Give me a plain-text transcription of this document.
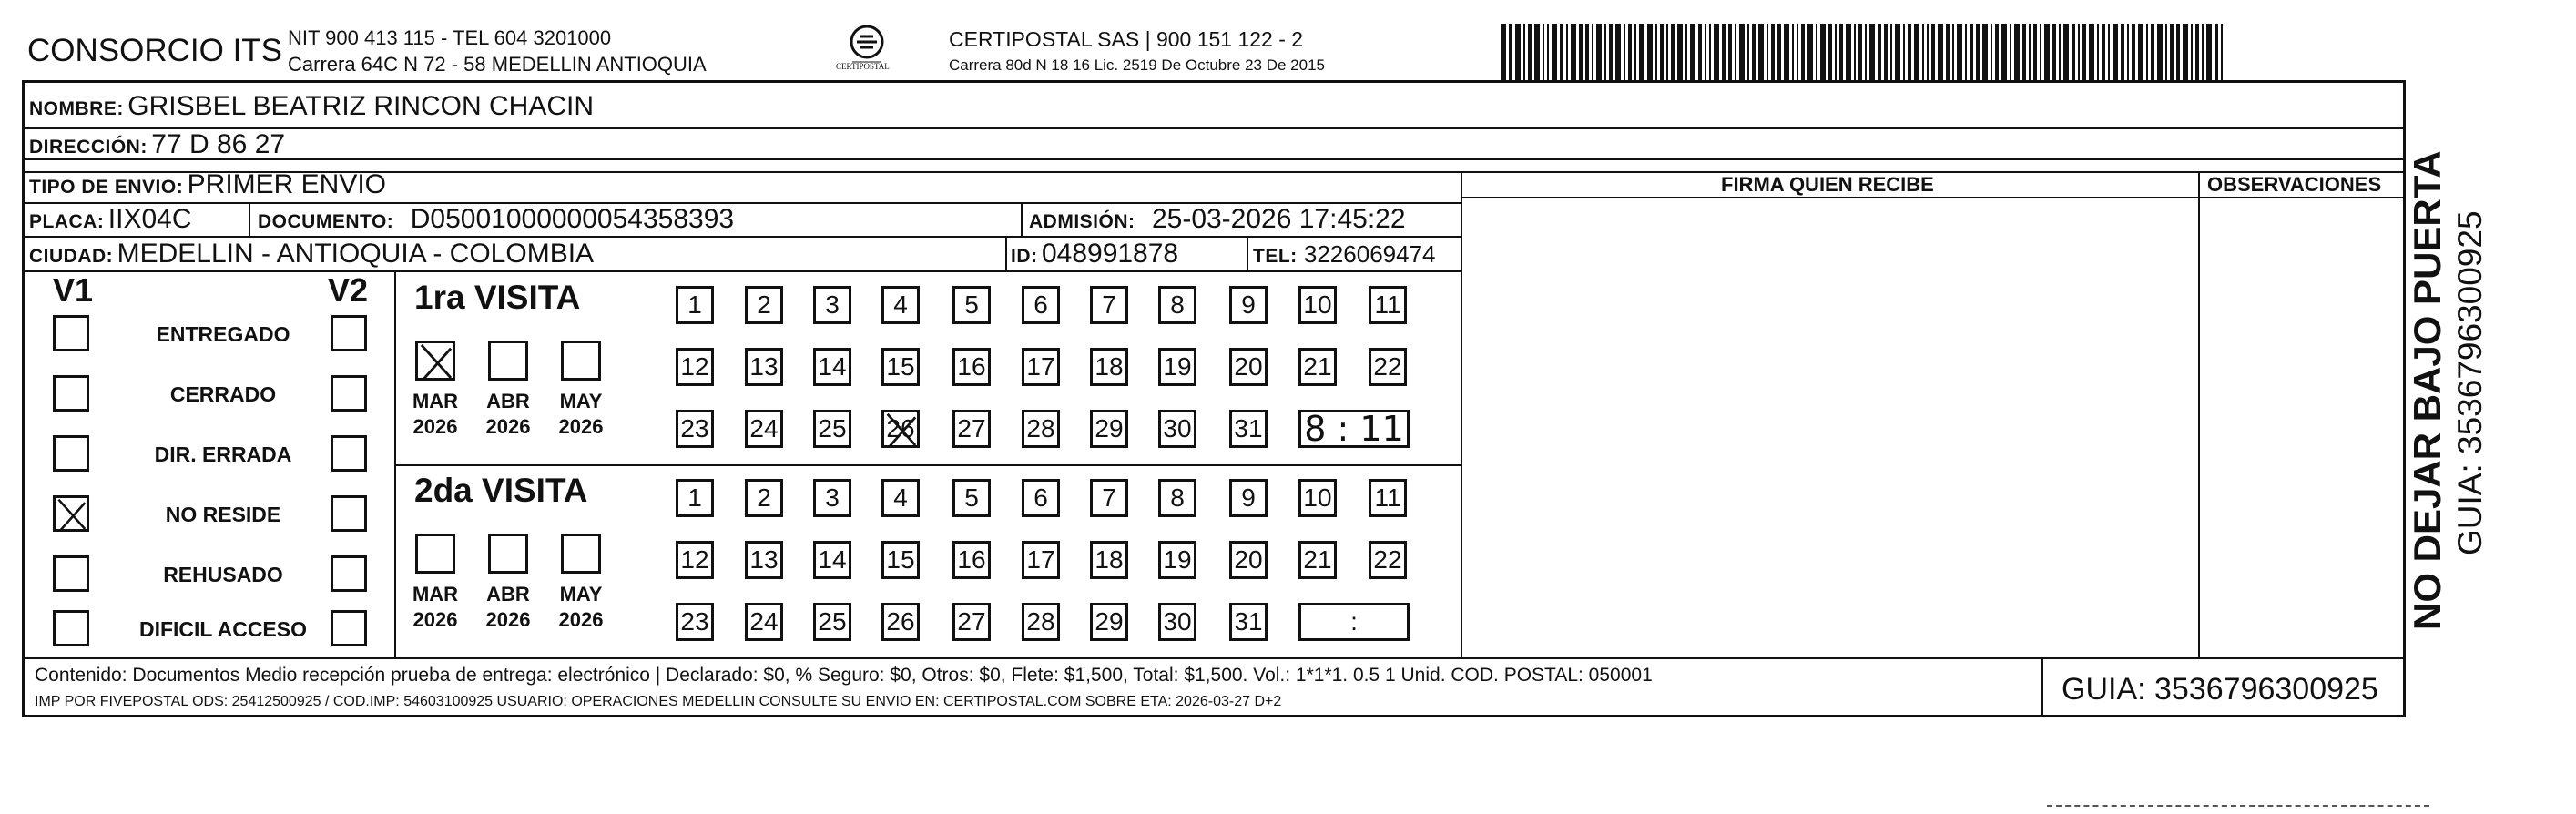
CONSORCIO ITS NIT 900 413 115 - TEL 604 3201000
Carrera 64C N 72 - 58 MEDELLIN ANTIOQUIA	CERTIPOSTAL
CERTIPOSTAL SAS | 900 151 122 - 2
Carrera 80d N 18 16 Lic. 2519 De Octubre 23 De 2015
NOMBRE: GRISBEL BEATRIZ RINCON CHACIN
DIRECCIÓN: 77 D 86 27
TIPO DE ENVIO: PRIMER ENVIO	FIRMA QUIEN RECIBE	OBSERVACIONES
PLACA: IIX04C	DOCUMENTO: D05001000000054358393	ADMISIÓN: 25-03-2026 17:45:22
CIUDAD: MEDELLIN - ANTIOQUIA - COLOMBIA	ID: 048991878	TEL: 3226069474
V1	V2
ENTREGADO
CERRADO
DIR. ERRADA
NO RESIDE
REHUSADO
DIFICIL ACCESO
1ra VISITA
2da VISITA
MAR
2026
ABR
2026
MAY
2026
1	2	3	4	5	6	7	8	9	10 11
12 13 14 15 16 17 18 19 20 21 22
23 24 25 26 27 28 29 30 31 8 : 11
MAR
2026
ABR
2026
MAY
2026
1	2	3	4	5	6	7	8	9	10 11
12 13 14 15 16 17 18 19 20 21 22
23 24 25 26 27 28 29 30 31	:
Contenido: Documentos Medio recepción prueba de entrega: electrónico | Declarado: $0, % Seguro: $0, Otros: $0, Flete: $1,500, Total: $1,500. Vol.: 1*1*1. 0.5 1 Unid. COD. POSTAL: 050001
IMP POR FIVEPOSTAL ODS: 25412500925 / COD.IMP: 54603100925 USUARIO: OPERACIONES MEDELLIN CONSULTE SU ENVIO EN: CERTIPOSTAL.COM SOBRE ETA: 2026-03-27 D+2	GUIA: 3536796300925
NO DEJAR BAJO PUERTA GUIA: 3536796300925
